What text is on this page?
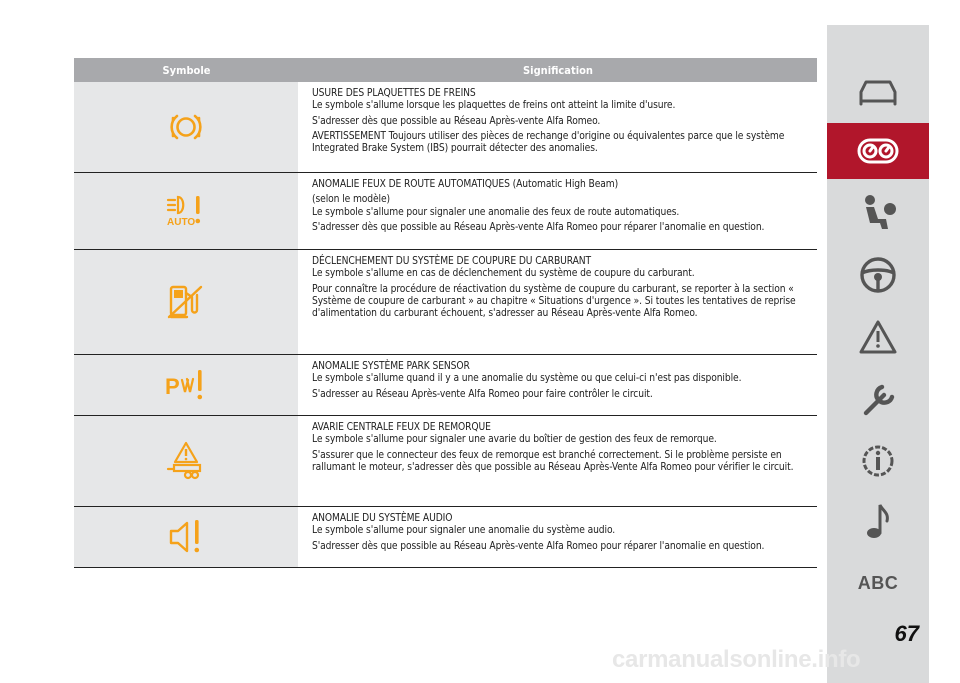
Symbole	Signification

USURE DES PLAQUETTES DE FREINS
Le symbole s'allume lorsque les plaquettes de freins ont atteint la limite d'usure.

S'adresser dès que possible au Réseau Après-vente Alfa Romeo.

AVERTISSEMENT Toujours utiliser des pièces de rechange d'origine ou équivalentes parce que le système Integrated Brake System (IBS) pourrait détecter des anomalies.

AUTO

ANOMALIE FEUX DE ROUTE AUTOMATIQUES (Automatic High Beam)

(selon le modèle)
Le symbole s'allume pour signaler une anomalie des feux de route automatiques.

S'adresser dès que possible au Réseau Après-vente Alfa Romeo pour réparer l'anomalie en question.

DÉCLENCHEMENT DU SYSTÈME DE COUPURE DU CARBURANT
Le symbole s'allume en cas de déclenchement du système de coupure du carburant.

Pour connaître la procédure de réactivation du système de coupure du carburant, se reporter à la section « Système de coupure de carburant » au chapitre « Situations d'urgence ». Si toutes les tentatives de reprise d'alimentation du carburant échouent, s'adresser au Réseau Après-vente Alfa Romeo.

P

ANOMALIE SYSTÈME PARK SENSOR
Le symbole s'allume quand il y a une anomalie du système ou que celui-ci n'est pas disponible.

S'adresser au Réseau Après-vente Alfa Romeo pour faire contrôler le circuit.

AVARIE CENTRALE FEUX DE REMORQUE
Le symbole s'allume pour signaler une avarie du boîtier de gestion des feux de remorque.

S'assurer que le connecteur des feux de remorque est branché correctement. Si le problème persiste en rallumant le moteur, s'adresser dès que possible au Réseau Après-Vente Alfa Romeo pour vérifier le circuit.

ANOMALIE DU SYSTÈME AUDIO
Le symbole s'allume pour signaler une anomalie du système audio.

S'adresser dès que possible au Réseau Après-vente Alfa Romeo pour réparer l'anomalie en question.

ABC
67
carmanualsonline.info
